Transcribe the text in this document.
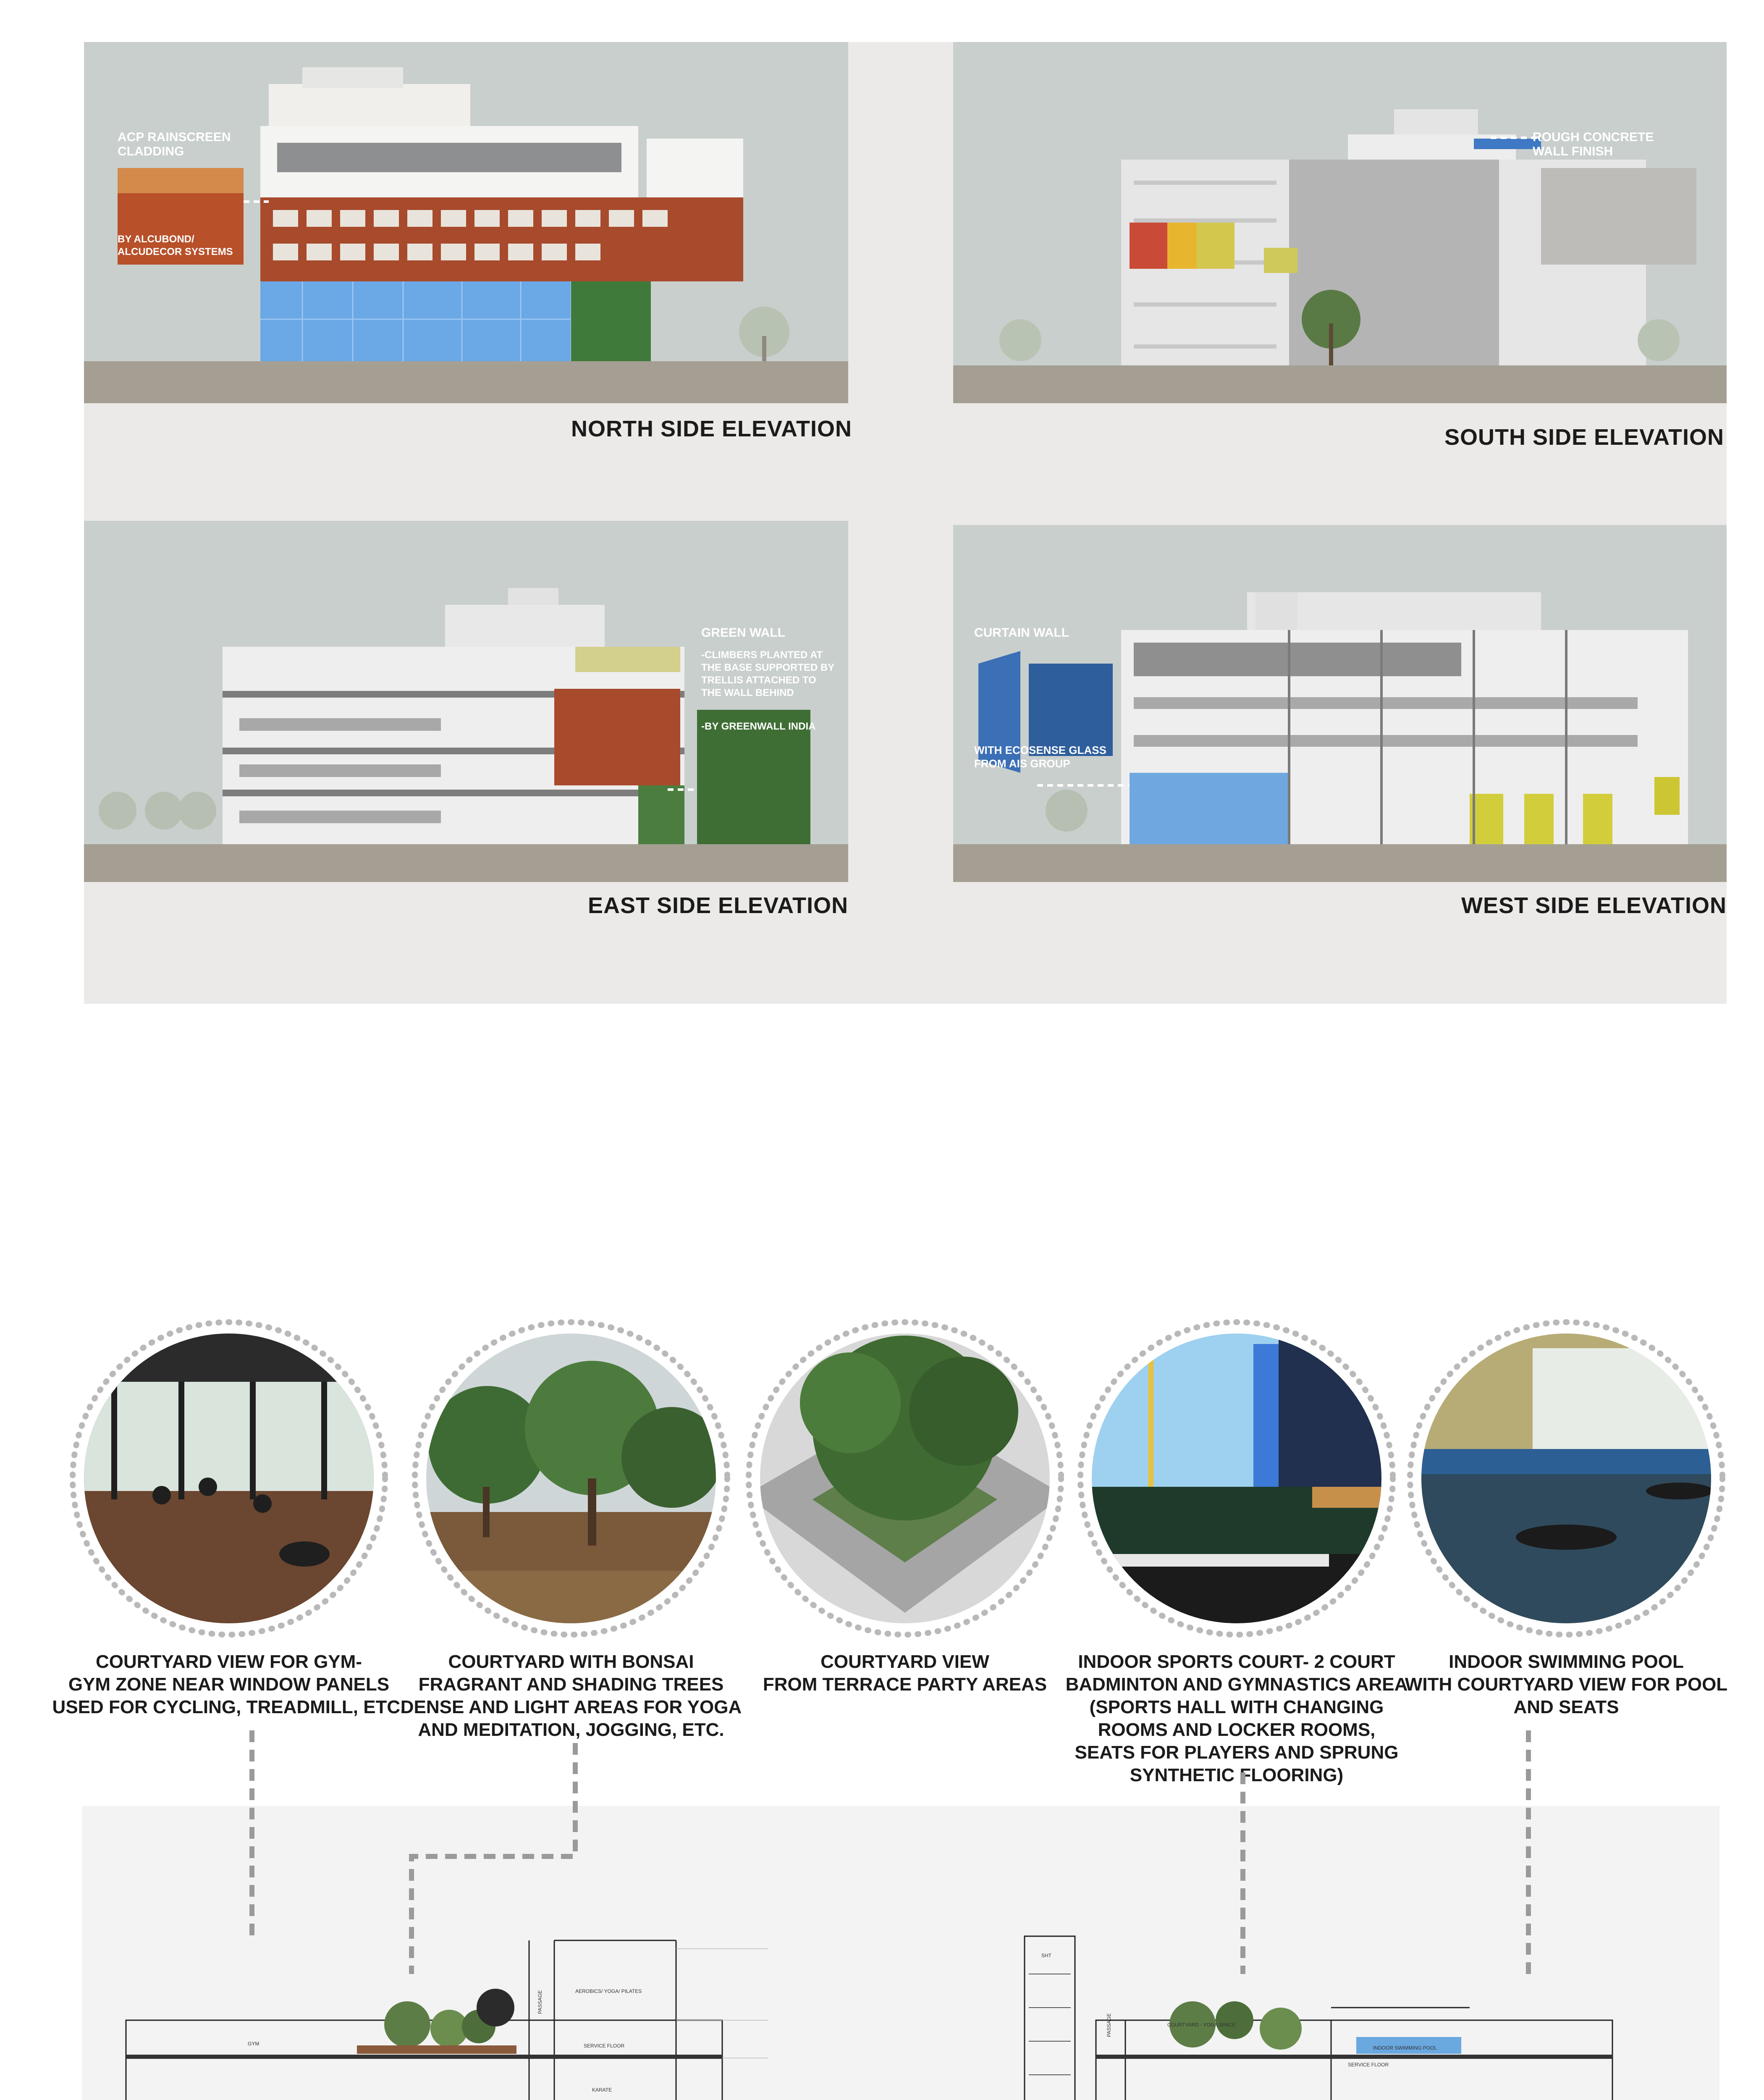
ACP RAINSCREEN
CLADDING
BY ALCUBOND/
ALCUDECOR SYSTEMS
NORTH SIDE ELEVATION
ROUGH CONCRETE
WALL FINISH
SOUTH SIDE ELEVATION
GREEN WALL
-CLIMBERS PLANTED AT
THE BASE SUPPORTED BY
TRELLIS ATTACHED TO
THE WALL BEHIND
-BY GREENWALL INDIA
EAST SIDE ELEVATION
CURTAIN WALL
WITH ECOSENSE GLASS
FROM AIS GROUP
WEST SIDE ELEVATION
COURTYARD VIEW FOR GYM-
GYM ZONE NEAR WINDOW PANELS
USED FOR CYCLING, TREADMILL, ETC.
COURTYARD WITH BONSAI
FRAGRANT AND SHADING TREES
DENSE AND LIGHT AREAS FOR YOGA
AND MEDITATION, JOGGING, ETC.
COURTYARD VIEW
FROM TERRACE PARTY AREAS
INDOOR SPORTS COURT- 2 COURT
BADMINTON AND GYMNASTICS AREA
(SPORTS HALL WITH CHANGING
ROOMS AND LOCKER ROOMS,
SEATS FOR PLAYERS AND SPRUNG
SYNTHETIC FLOORING)
INDOOR SWIMMING POOL
WITH COURTYARD VIEW FOR POOL
AND SEATS
GYM
AEROBICS/ YOGA/ PILATES
SERVICE FLOOR
KARATE
PASSAGE
COURTYARD - YOGA SPACE
INDOOR SWIMMING POOL
SERVICE FLOOR
SHT
PASSAGE
